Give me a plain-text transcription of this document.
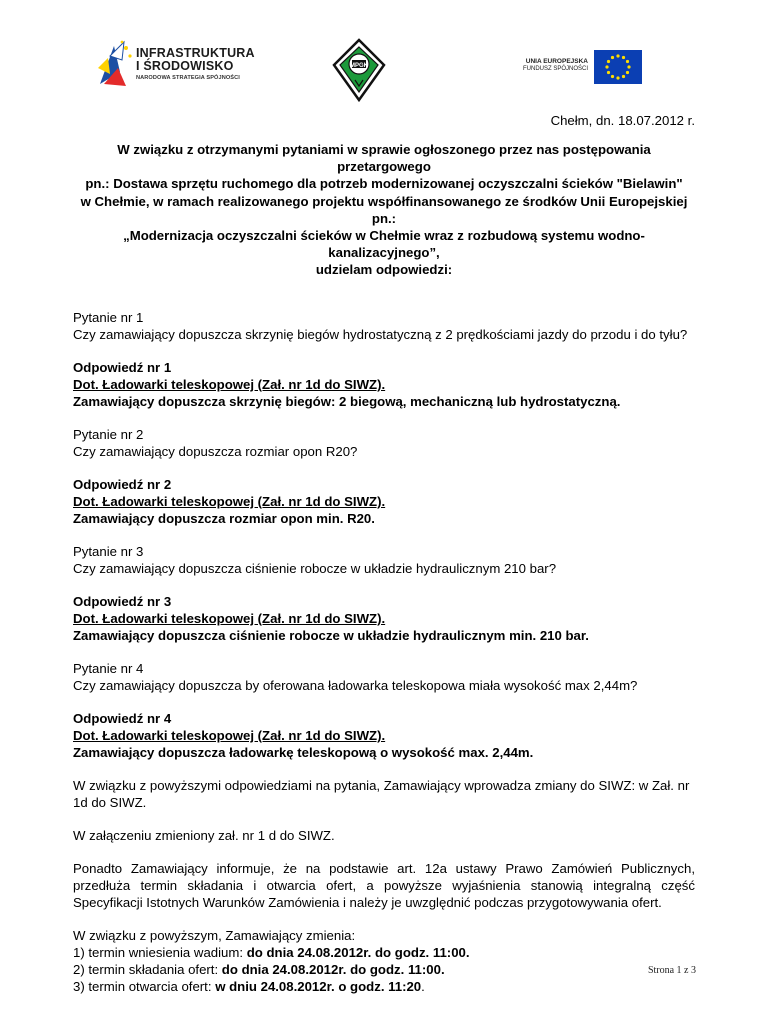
INFRASTRUKTURA
I ŚRODOWISKO
NARODOWA STRATEGIA SPÓJNOŚCI
MPGK
UNIA EUROPEJSKA
FUNDUSZ SPÓJNOŚCI

Chełm, dn. 18.07.2012 r.

W związku z otrzymanymi pytaniami w sprawie ogłoszonego przez nas postępowania przetargowego
pn.: Dostawa sprzętu ruchomego dla potrzeb modernizowanej oczyszczalni ścieków "Bielawin"
w Chełmie, w ramach realizowanego projektu współfinansowanego ze środków Unii Europejskiej pn.:
„Modernizacja oczyszczalni ścieków w Chełmie wraz z rozbudową systemu wodno-kanalizacyjnego”,
udzielam odpowiedzi:

Pytanie nr 1

Czy zamawiający dopuszcza skrzynię biegów hydrostatyczną z 2 prędkościami jazdy do przodu i do tyłu?

Odpowiedź nr 1

Dot. Ładowarki teleskopowej (Zał. nr 1d do SIWZ).

Zamawiający dopuszcza skrzynię biegów: 2 biegową, mechaniczną lub hydrostatyczną.

Pytanie nr 2

Czy zamawiający dopuszcza rozmiar opon R20?

Odpowiedź nr 2

Dot. Ładowarki teleskopowej (Zał. nr 1d do SIWZ).

Zamawiający dopuszcza rozmiar opon min. R20.

Pytanie nr 3

Czy zamawiający dopuszcza ciśnienie robocze w układzie hydraulicznym 210 bar?

Odpowiedź nr 3

Dot. Ładowarki teleskopowej (Zał. nr 1d do SIWZ).

Zamawiający dopuszcza ciśnienie robocze w układzie hydraulicznym min. 210 bar.

Pytanie nr 4

Czy zamawiający dopuszcza by oferowana ładowarka teleskopowa miała wysokość max 2,44m?

Odpowiedź nr 4

Dot. Ładowarki teleskopowej (Zał. nr 1d do SIWZ).

Zamawiający dopuszcza ładowarkę teleskopową o wysokość max. 2,44m.

W związku z powyższymi odpowiedziami na pytania, Zamawiający wprowadza zmiany do SIWZ: w Zał. nr 1d do SIWZ.

W załączeniu zmieniony zał. nr 1 d do SIWZ.

Ponadto Zamawiający informuje, że na podstawie art. 12a ustawy Prawo Zamówień Publicznych, przedłuża termin składania i otwarcia ofert, a powyższe wyjaśnienia stanowią integralną część Specyfikacji Istotnych Warunków Zamówienia i należy je uwzględnić podczas przygotowywania ofert.

W związku z powyższym, Zamawiający zmienia:

1) termin wniesienia wadium: do dnia 24.08.2012r. do godz. 11:00.

2) termin składania ofert: do dnia 24.08.2012r. do godz. 11:00.

3) termin otwarcia ofert: w dniu 24.08.2012r. o godz. 11:20.

Strona 1 z 3
